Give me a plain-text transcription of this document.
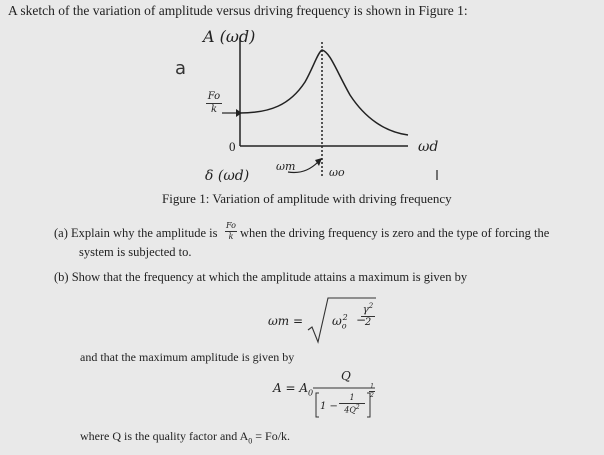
A sketch of the variation of amplitude versus driving frequency is shown in Figure 1:
A (ωd)
a
Fo
k
0	ωd
δ (ωd)
ωm	ωo
Figure 1: Variation of amplitude with driving frequency
(a) Explain why the amplitude is
Fo
k when the driving frequency is zero and the type of forcing the
system is subjected to.
(b) Show that the frequency at which the amplitude attains a maximum is given by
$\omega m = \omega_o^2$ −
$\gamma^2$
2
and that the maximum amplitude is given by
$A = A_0$
Q
1 −
1
$4Q^2$
1
2
where Q is the quality factor and $A_0 = Fo/k$.
